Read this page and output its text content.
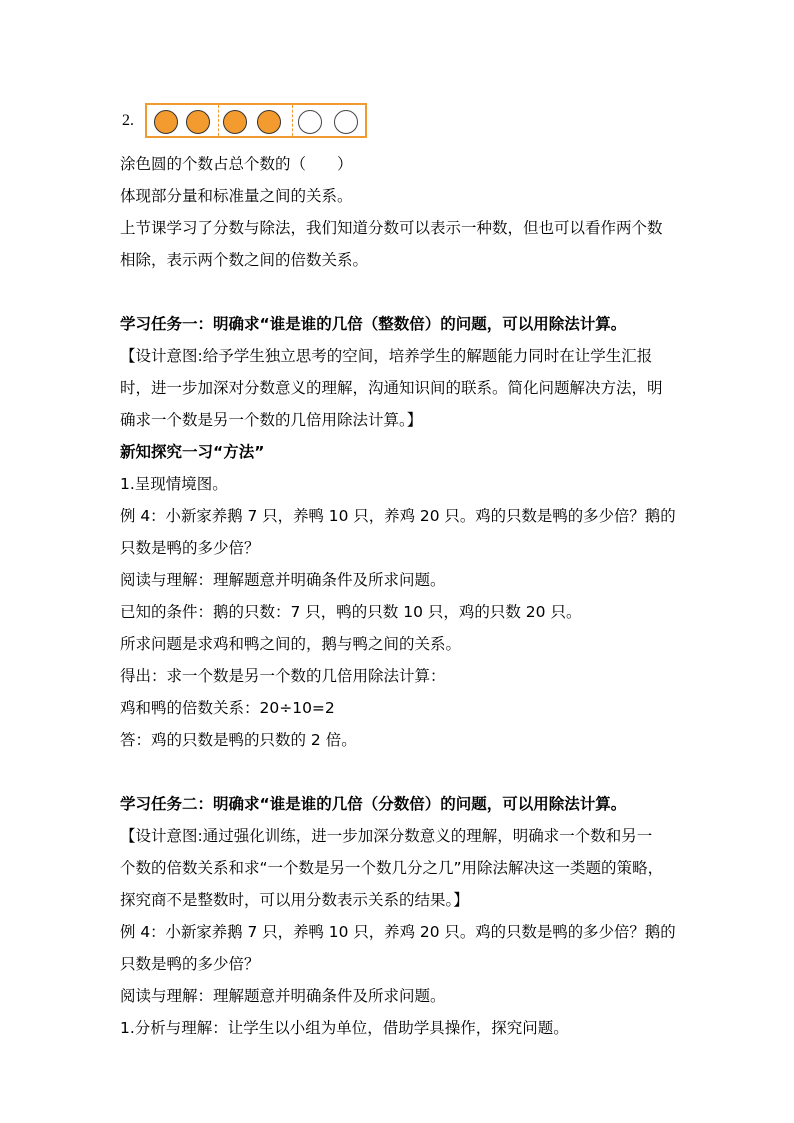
2.
涂色圆的个数占总个数的（　　）
体现部分量和标准量之间的关系。
上节课学习了分数与除法，我们知道分数可以表示一种数，但也可以看作两个数
相除，表示两个数之间的倍数关系。
学习任务一：明确求“谁是谁的几倍（整数倍）的问题，可以用除法计算。
【设计意图:给予学生独立思考的空间，培养学生的解题能力同时在让学生汇报
时，进一步加深对分数意义的理解，沟通知识间的联系。简化问题解决方法，明
确求一个数是另一个数的几倍用除法计算。】
新知探究一习“方法”
1.呈现情境图。
例 4：小新家养鹅 7 只，养鸭 10 只，养鸡 20 只。鸡的只数是鸭的多少倍？鹅的
只数是鸭的多少倍？
阅读与理解：理解题意并明确条件及所求问题。
已知的条件：鹅的只数：7 只，鸭的只数 10 只，鸡的只数 20 只。
所求问题是求鸡和鸭之间的，鹅与鸭之间的关系。
得出：求一个数是另一个数的几倍用除法计算：
鸡和鸭的倍数关系：20÷10=2
答：鸡的只数是鸭的只数的 2 倍。
学习任务二：明确求“谁是谁的几倍（分数倍）的问题，可以用除法计算。
【设计意图:通过强化训练，进一步加深分数意义的理解，明确求一个数和另一
个数的倍数关系和求“一个数是另一个数几分之几”用除法解决这一类题的策略，
探究商不是整数时，可以用分数表示关系的结果。】
例 4：小新家养鹅 7 只，养鸭 10 只，养鸡 20 只。鸡的只数是鸭的多少倍？鹅的
只数是鸭的多少倍？
阅读与理解：理解题意并明确条件及所求问题。
1.分析与理解：让学生以小组为单位，借助学具操作，探究问题。
